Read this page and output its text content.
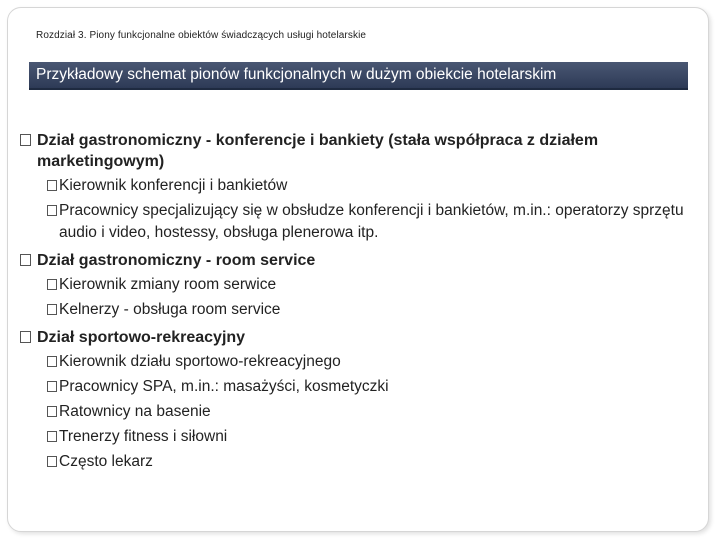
Rozdział 3. Piony funkcjonalne obiektów świadczących usługi hotelarskie
Przykładowy schemat pionów funkcjonalnych w dużym obiekcie hotelarskim
Dział gastronomiczny - konferencje i bankiety (stała współpraca z działem marketingowym)
Kierownik konferencji i bankietów
Pracownicy specjalizujący się w obsłudze konferencji i bankietów, m.in.: operatorzy sprzętu audio i video, hostessy, obsługa plenerowa itp.
Dział gastronomiczny - room service
Kierownik zmiany room serwice
Kelnerzy - obsługa room service
Dział sportowo-rekreacyjny
Kierownik działu sportowo-rekreacyjnego
Pracownicy SPA, m.in.: masażyści, kosmetyczki
Ratownicy na basenie
Trenerzy fitness i siłowni
Często lekarz
